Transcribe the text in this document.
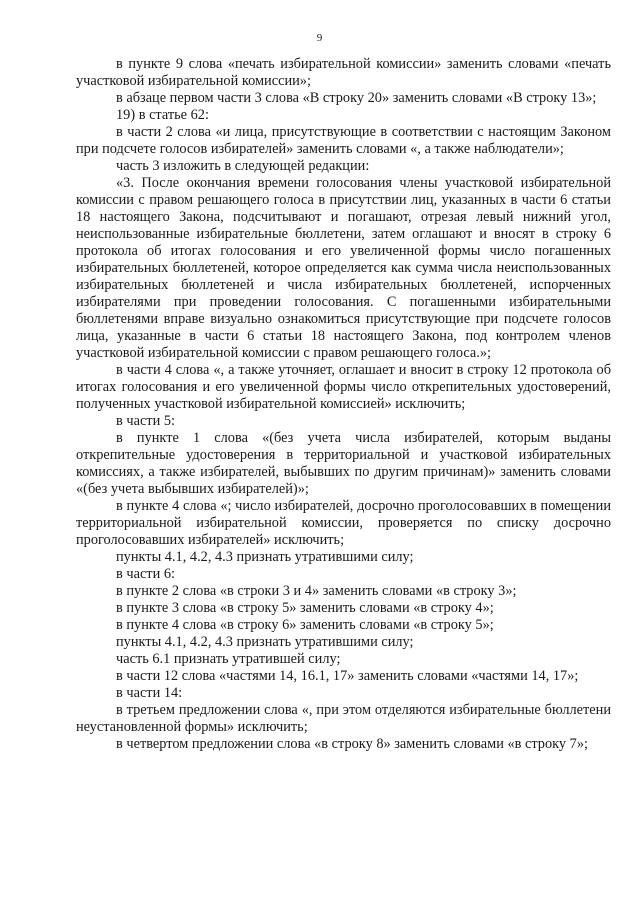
9

в пункте 9 слова «печать избирательной комиссии» заменить словами «печать участковой избирательной комиссии»;

в абзаце первом части 3 слова «В строку 20» заменить словами «В строку 13»;

19) в статье 62:

в части 2 слова «и лица, присутствующие в соответствии с настоящим Законом при подсчете голосов избирателей» заменить словами «, а также наблюдатели»;

часть 3 изложить в следующей редакции:

«3. После окончания времени голосования члены участковой избирательной комиссии с правом решающего голоса в присутствии лиц, указанных в части 6 статьи 18 настоящего Закона, подсчитывают и погашают, отрезая левый нижний угол, неиспользованные избирательные бюллетени, затем оглашают и вносят в строку 6 протокола об итогах голосования и его увеличенной формы число погашенных избирательных бюллетеней, которое определяется как сумма числа неиспользованных избирательных бюллетеней и числа избирательных бюллетеней, испорченных избирателями при проведении голосования. С погашенными избирательными бюллетенями вправе визуально ознакомиться присутствующие при подсчете голосов лица, указанные в части 6 статьи 18 настоящего Закона, под контролем членов участковой избирательной комиссии с правом решающего голоса.»;

в части 4 слова «, а также уточняет, оглашает и вносит в строку 12 протокола об итогах голосования и его увеличенной формы число открепительных удостоверений, полученных участковой избирательной комиссией» исключить;

в части 5:

в пункте 1 слова «(без учета числа избирателей, которым выданы открепительные удостоверения в территориальной и участковой избирательных комиссиях, а также избирателей, выбывших по другим причинам)» заменить словами «(без учета выбывших избирателей)»;

в пункте 4 слова «; число избирателей, досрочно проголосовавших в помещении территориальной избирательной комиссии, проверяется по списку досрочно проголосовавших избирателей» исключить;

пункты 4.1, 4.2, 4.3 признать утратившими силу;

в части 6:

в пункте 2 слова «в строки 3 и 4» заменить словами «в строку 3»;

в пункте 3 слова «в строку 5» заменить словами «в строку 4»;

в пункте 4 слова «в строку 6» заменить словами «в строку 5»;

пункты 4.1, 4.2, 4.3 признать утратившими силу;

часть 6.1 признать утратившей силу;

в части 12 слова «частями 14, 16.1, 17» заменить словами «частями 14, 17»;

в части 14:

в третьем предложении слова «, при этом отделяются избирательные бюллетени неустановленной формы» исключить;

в четвертом предложении слова «в строку 8» заменить словами «в строку 7»;
